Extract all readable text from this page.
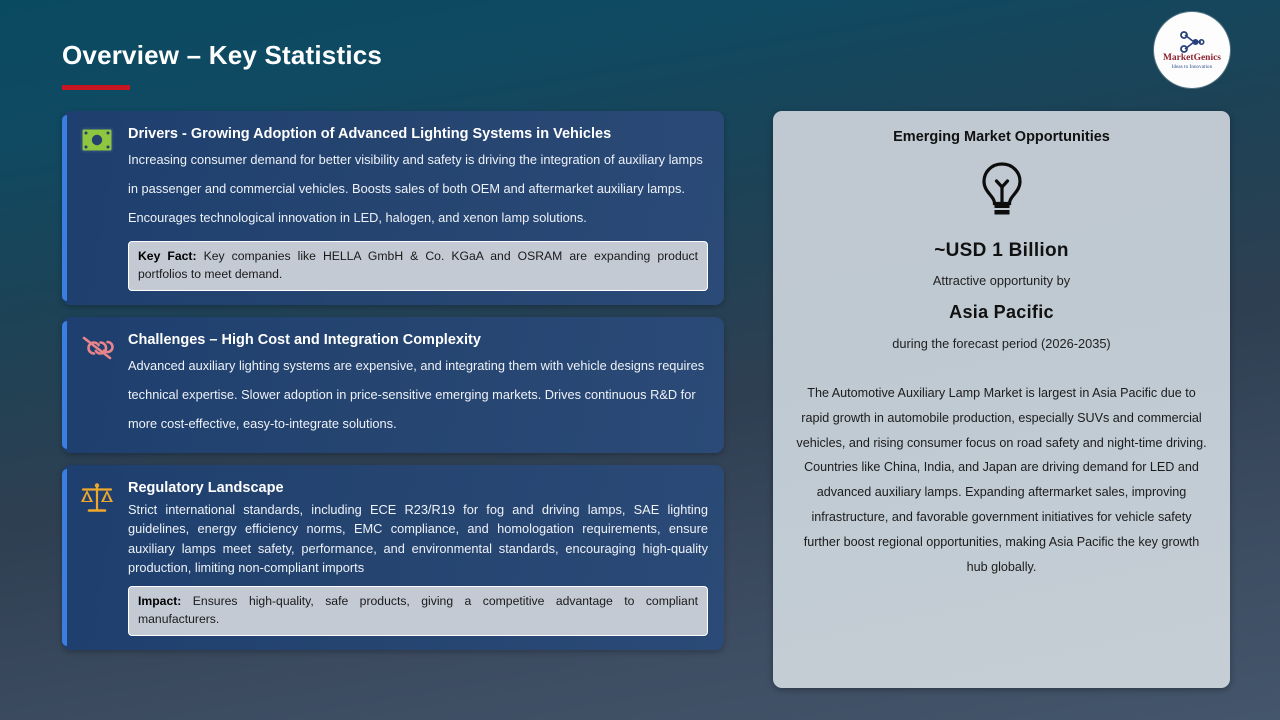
Overview – Key Statistics	MarketGenics
Ideas to Innovation
Drivers - Growing Adoption of Advanced Lighting Systems in Vehicles
Increasing consumer demand for better visibility and safety is driving the integration of auxiliary lamps in passenger and commercial vehicles. Boosts sales of both OEM and aftermarket auxiliary lamps. Encourages technological innovation in LED, halogen, and xenon lamp solutions.
Key Fact: Key companies like HELLA GmbH & Co. KGaA and OSRAM are expanding product portfolios to meet demand.
Challenges – High Cost and Integration Complexity
Advanced auxiliary lighting systems are expensive, and integrating them with vehicle designs requires technical expertise. Slower adoption in price-sensitive emerging markets. Drives continuous R&D for more cost-effective, easy-to-integrate solutions.
Regulatory Landscape
Strict international standards, including ECE R23/R19 for fog and driving lamps, SAE lighting guidelines, energy efficiency norms, EMC compliance, and homologation requirements, ensure auxiliary lamps meet safety, performance, and environmental standards, encouraging high-quality production, limiting non-compliant imports
Impact: Ensures high-quality, safe products, giving a competitive advantage to compliant manufacturers.
Emerging Market Opportunities
~USD 1 Billion
Attractive opportunity by
Asia Pacific
during the forecast period (2026-2035)
The Automotive Auxiliary Lamp Market is largest in Asia Pacific due to rapid growth in automobile production, especially SUVs and commercial vehicles, and rising consumer focus on road safety and night-time driving. Countries like China, India, and Japan are driving demand for LED and advanced auxiliary lamps. Expanding aftermarket sales, improving infrastructure, and favorable government initiatives for vehicle safety further boost regional opportunities, making Asia Pacific the key growth hub globally.
